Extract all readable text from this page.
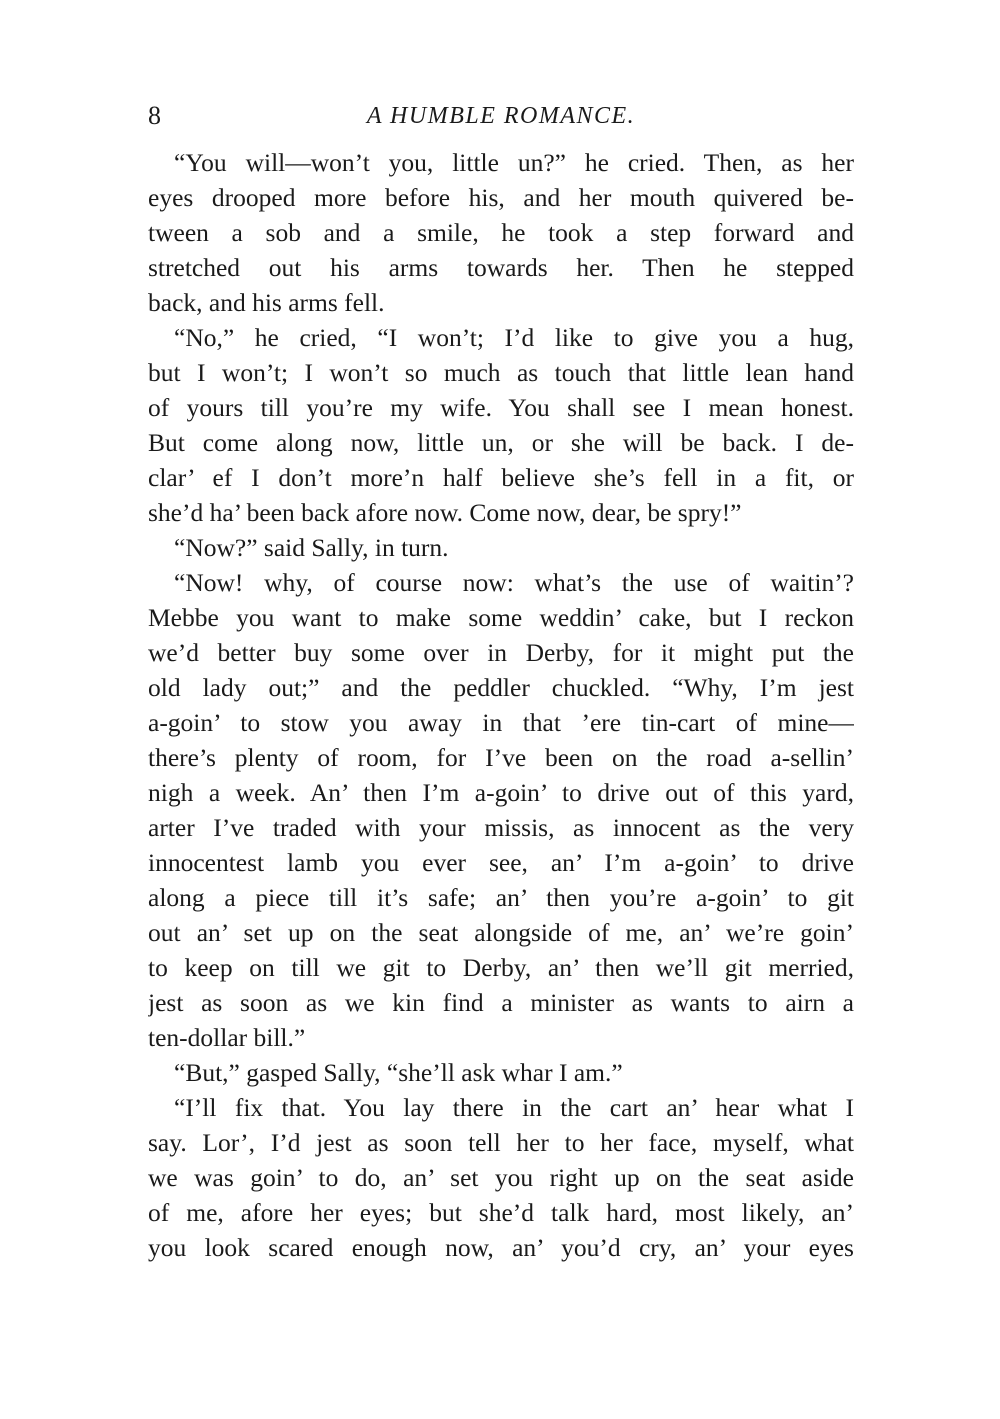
A HUMBLE ROMANCE.
8
“You will—won’t you, little un?” he cried. Then, as her
eyes drooped more before his, and her mouth quivered be-
tween a sob and a smile, he took a step forward and
stretched out his arms towards her. Then he stepped
back, and his arms fell.
“No,” he cried, “I won’t; I’d like to give you a hug,
but I won’t; I won’t so much as touch that little lean hand
of yours till you’re my wife. You shall see I mean honest.
But come along now, little un, or she will be back. I de-
clar’ ef I don’t more’n half believe she’s fell in a fit, or
she’d ha’ been back afore now. Come now, dear, be spry!”
“Now?” said Sally, in turn.
“Now! why, of course now: what’s the use of waitin’?
Mebbe you want to make some weddin’ cake, but I reckon
we’d better buy some over in Derby, for it might put the
old lady out;” and the peddler chuckled. “Why, I’m jest
a-goin’ to stow you away in that ’ere tin-cart of mine—
there’s plenty of room, for I’ve been on the road a-sellin’
nigh a week. An’ then I’m a-goin’ to drive out of this yard,
arter I’ve traded with your missis, as innocent as the very
innocentest lamb you ever see, an’ I’m a-goin’ to drive
along a piece till it’s safe; an’ then you’re a-goin’ to git
out an’ set up on the seat alongside of me, an’ we’re goin’
to keep on till we git to Derby, an’ then we’ll git merried,
jest as soon as we kin find a minister as wants to airn a
ten-dollar bill.”
“But,” gasped Sally, “she’ll ask whar I am.”
“I’ll fix that. You lay there in the cart an’ hear what I
say. Lor’, I’d jest as soon tell her to her face, myself, what
we was goin’ to do, an’ set you right up on the seat aside
of me, afore her eyes; but she’d talk hard, most likely, an’
you look scared enough now, an’ you’d cry, an’ your eyes
